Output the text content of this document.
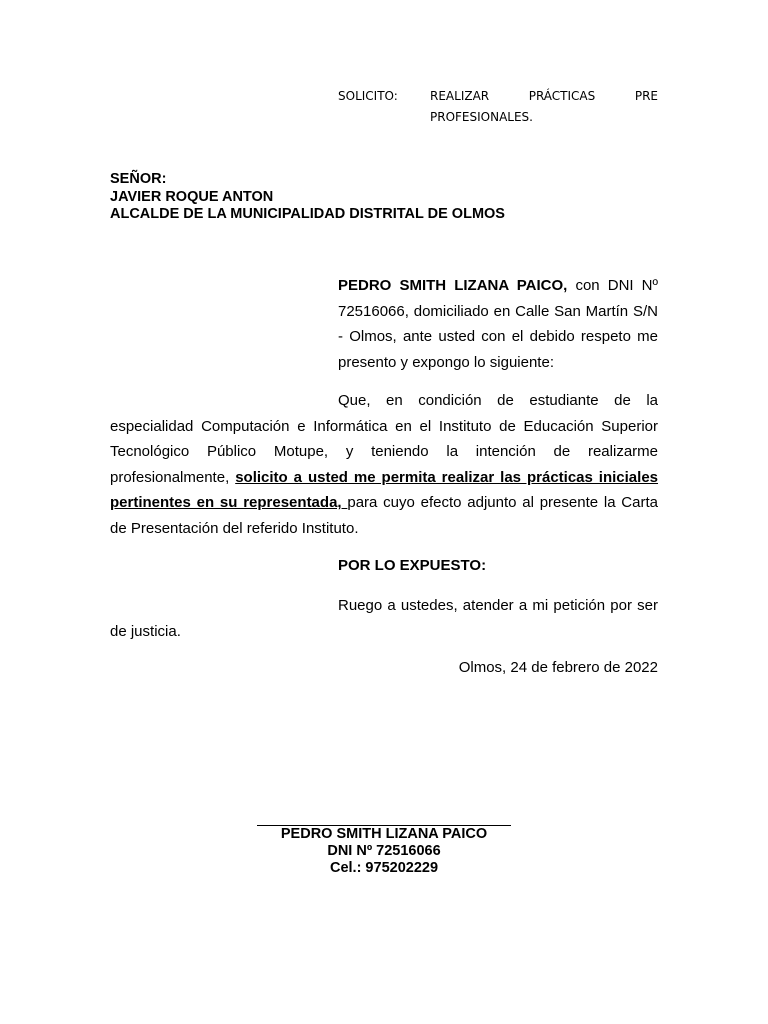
SOLICITO:	REALIZAR	PRÁCTICAS	PRE
PROFESIONALES.
SEÑOR:
JAVIER ROQUE ANTON
ALCALDE DE LA MUNICIPALIDAD DISTRITAL DE OLMOS
PEDRO SMITH LIZANA PAICO, con DNI Nº 72516066, domiciliado en Calle San Martín S/N - Olmos, ante usted con el debido respeto me presento y expongo lo siguiente:
Que, en condición de estudiante de la especialidad Computación e Informática en el Instituto de Educación Superior Tecnológico Público Motupe, y teniendo la intención de realizarme profesionalmente, solicito a usted me permita realizar las prácticas iniciales pertinentes en su representada, para cuyo efecto adjunto al presente la Carta de Presentación del referido Instituto.
POR LO EXPUESTO:
Ruego a ustedes, atender a mi petición por ser de justicia.
Olmos, 24 de febrero de 2022
PEDRO SMITH LIZANA PAICO
DNI Nº 72516066
Cel.: 975202229
